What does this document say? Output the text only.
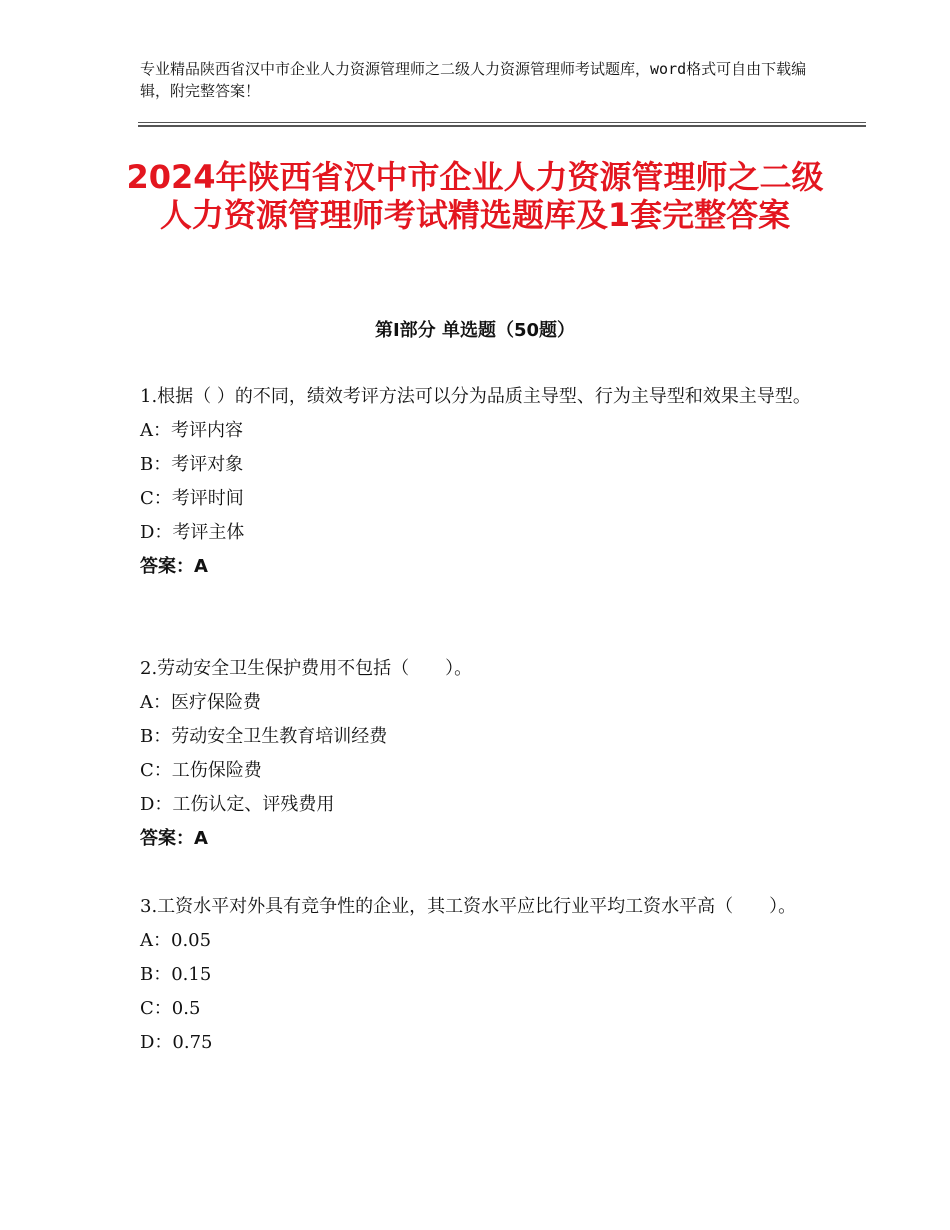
专业精品陕西省汉中市企业人力资源管理师之二级人力资源管理师考试题库，word格式可自由下载编辑，附完整答案！
2024年陕西省汉中市企业人力资源管理师之二级人力资源管理师考试精选题库及1套完整答案
第Ⅰ部分 单选题（50题）

1.根据（ ）的不同，绩效考评方法可以分为品质主导型、行为主导型和效果主导型。

A：考评内容

B：考评对象

C：考评时间

D：考评主体

答案：A

2.劳动安全卫生保护费用不包括（　　）。

A：医疗保险费

B：劳动安全卫生教育培训经费

C：工伤保险费

D：工伤认定、评残费用

答案：A

3.工资水平对外具有竞争性的企业，其工资水平应比行业平均工资水平高（　　）。

A：0.05

B：0.15

C：0.5

D：0.75
